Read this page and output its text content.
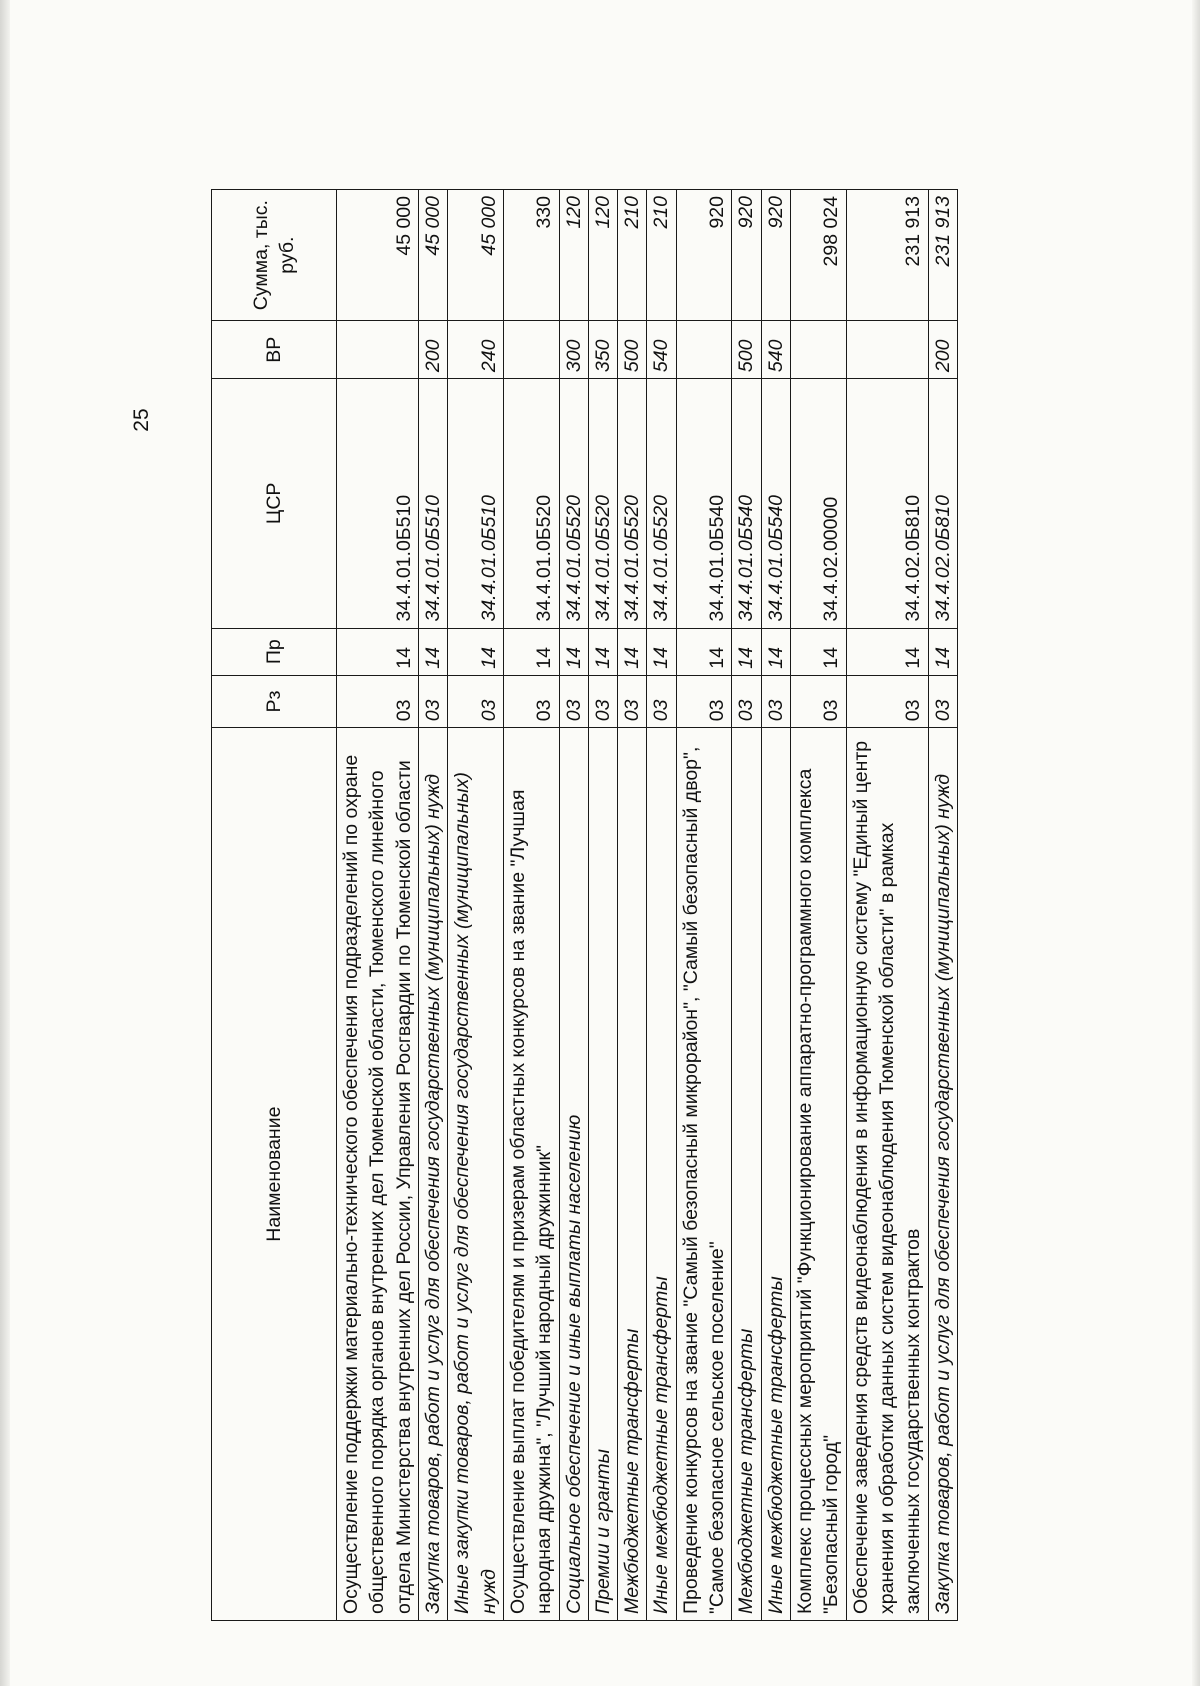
25
Наименование	Рз	Пр	ЦСР	ВР	Сумма, тыс. руб.
Осуществление поддержки материально-технического обеспечения подразделений по охране общественного порядка органов внутренних дел Тюменской области, Тюменского линейного отдела Министерства внутренних дел России, Управления Росгвардии по Тюменской области	03	14	34.4.01.0Б510		45 000
Закупка товаров, работ и услуг для обеспечения государственных (муниципальных) нужд	03	14	34.4.01.0Б510	200	45 000
Иные закупки товаров, работ и услуг для обеспечения государственных (муниципальных) нужд	03	14	34.4.01.0Б510	240	45 000
Осуществление выплат победителям и призерам областных конкурсов на звание "Лучшая народная дружина", "Лучший народный дружинник"	03	14	34.4.01.0Б520		330
Социальное обеспечение и иные выплаты населению	03	14	34.4.01.0Б520	300	120
Премии и гранты	03	14	34.4.01.0Б520	350	120
Межбюджетные трансферты	03	14	34.4.01.0Б520	500	210
Иные межбюджетные трансферты	03	14	34.4.01.0Б520	540	210
Проведение конкурсов на звание "Самый безопасный микрорайон", "Самый безопасный двор", "Самое безопасное сельское поселение"	03	14	34.4.01.0Б540		920
Межбюджетные трансферты	03	14	34.4.01.0Б540	500	920
Иные межбюджетные трансферты	03	14	34.4.01.0Б540	540	920
Комплекс процессных мероприятий "Функционирование аппаратно-программного комплекса "Безопасный город"	03	14	34.4.02.00000		298 024
Обеспечение заведения средств видеонаблюдения в информационную систему "Единый центр хранения и обработки данных систем видеонаблюдения Тюменской области" в рамках заключенных государственных контрактов	03	14	34.4.02.0Б810		231 913
Закупка товаров, работ и услуг для обеспечения государственных (муниципальных) нужд	03	14	34.4.02.0Б810	200	231 913
